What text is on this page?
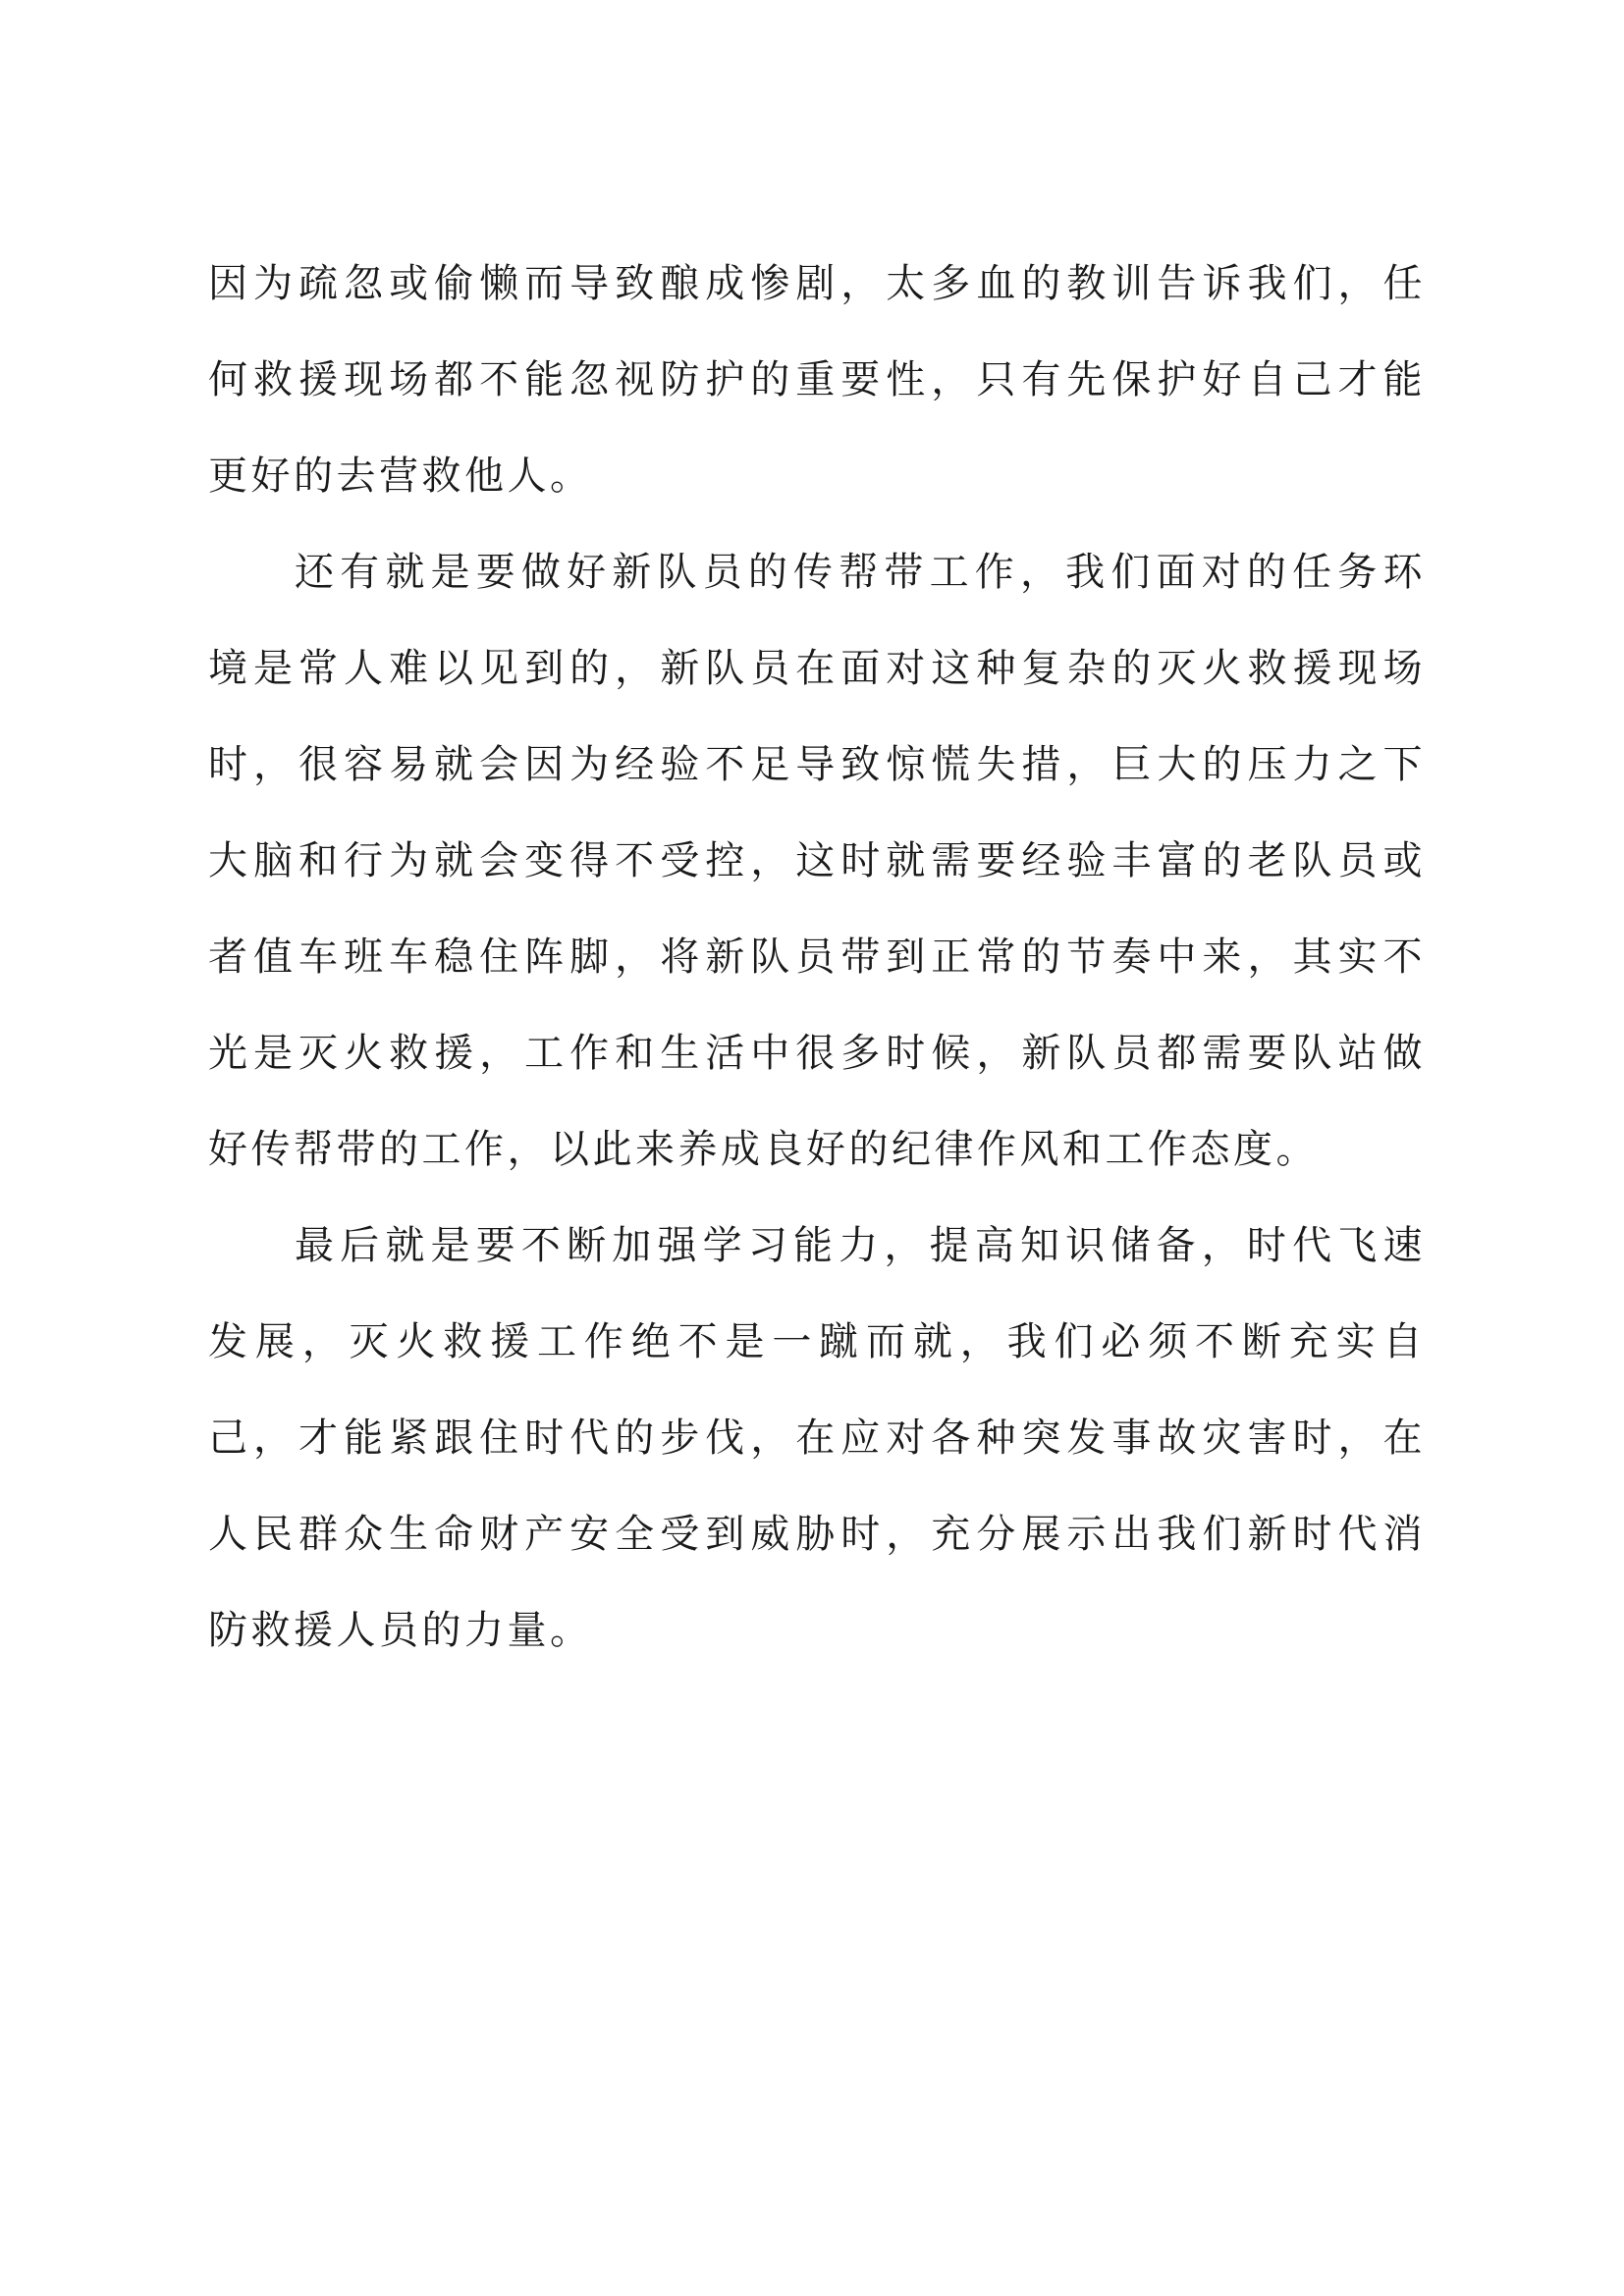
因为疏忽或偷懒而导致酿成惨剧，太多血的教训告诉我们，任
何救援现场都不能忽视防护的重要性，只有先保护好自己才能
更好的去营救他人。
还有就是要做好新队员的传帮带工作，我们面对的任务环
境是常人难以见到的，新队员在面对这种复杂的灭火救援现场
时，很容易就会因为经验不足导致惊慌失措，巨大的压力之下
大脑和行为就会变得不受控，这时就需要经验丰富的老队员或
者值车班车稳住阵脚，将新队员带到正常的节奏中来，其实不
光是灭火救援，工作和生活中很多时候，新队员都需要队站做
好传帮带的工作，以此来养成良好的纪律作风和工作态度。
最后就是要不断加强学习能力，提高知识储备，时代飞速
发展，灭火救援工作绝不是一蹴而就，我们必须不断充实自
己，才能紧跟住时代的步伐，在应对各种突发事故灾害时，在
人民群众生命财产安全受到威胁时，充分展示出我们新时代消
防救援人员的力量。
